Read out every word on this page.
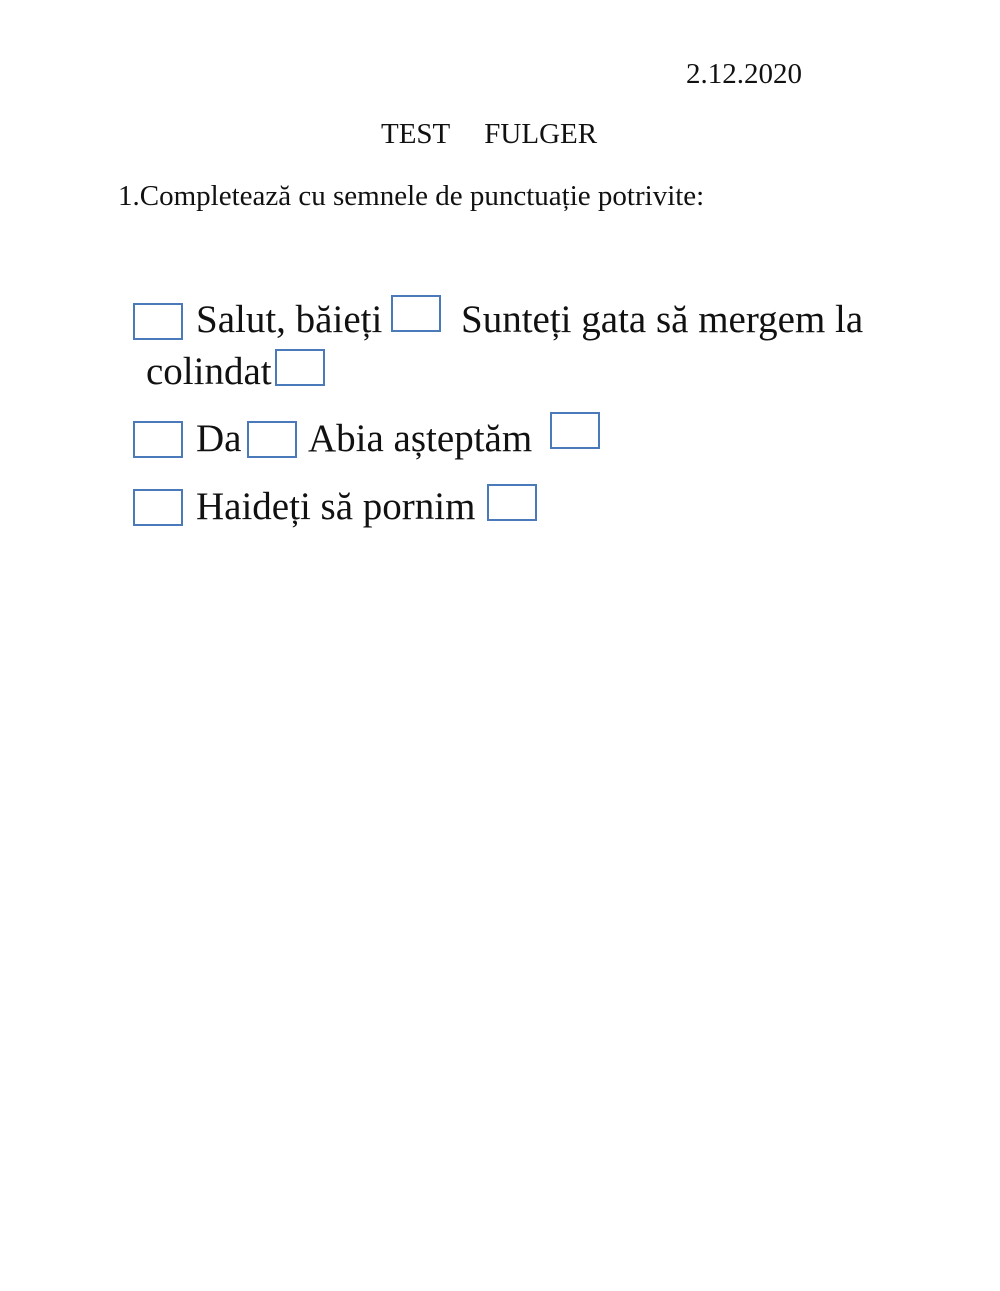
2.12.2020
TEST FULGER
1.Completează cu semnele de punctuație potrivite:
Salut, băieți Sunteți gata să mergem la
colindat
Da Abia așteptăm
Haideți să pornim
